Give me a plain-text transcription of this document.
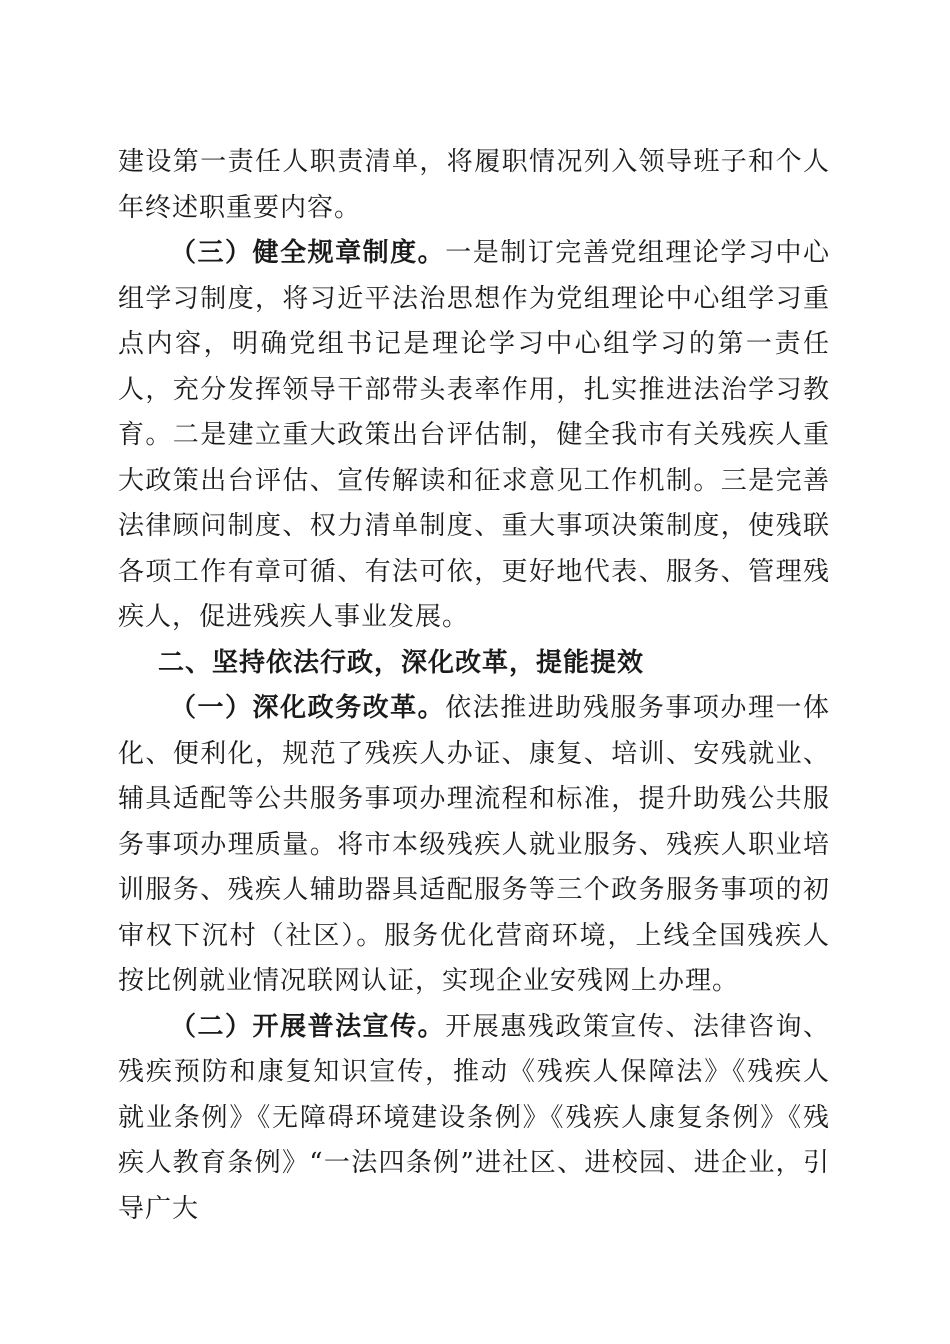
建设第一责任人职责清单，将履职情况列入领导班子和个人年终述职重要内容。

（三）健全规章制度。一是制订完善党组理论学习中心组学习制度，将习近平法治思想作为党组理论中心组学习重点内容，明确党组书记是理论学习中心组学习的第一责任人，充分发挥领导干部带头表率作用，扎实推进法治学习教育。二是建立重大政策出台评估制，健全我市有关残疾人重大政策出台评估、宣传解读和征求意见工作机制。三是完善法律顾问制度、权力清单制度、重大事项决策制度，使残联各项工作有章可循、有法可依，更好地代表、服务、管理残疾人，促进残疾人事业发展。

二、坚持依法行政，深化改革，提能提效

（一）深化政务改革。依法推进助残服务事项办理一体化、便利化，规范了残疾人办证、康复、培训、安残就业、辅具适配等公共服务事项办理流程和标准，提升助残公共服务事项办理质量。将市本级残疾人就业服务、残疾人职业培训服务、残疾人辅助器具适配服务等三个政务服务事项的初审权下沉村（社区）。服务优化营商环境，上线全国残疾人按比例就业情况联网认证，实现企业安残网上办理。

（二）开展普法宣传。开展惠残政策宣传、法律咨询、残疾预防和康复知识宣传，推动《残疾人保障法》《残疾人就业条例》《无障碍环境建设条例》《残疾人康复条例》《残疾人教育条例》“一法四条例”进社区、进校园、进企业，引导广大
